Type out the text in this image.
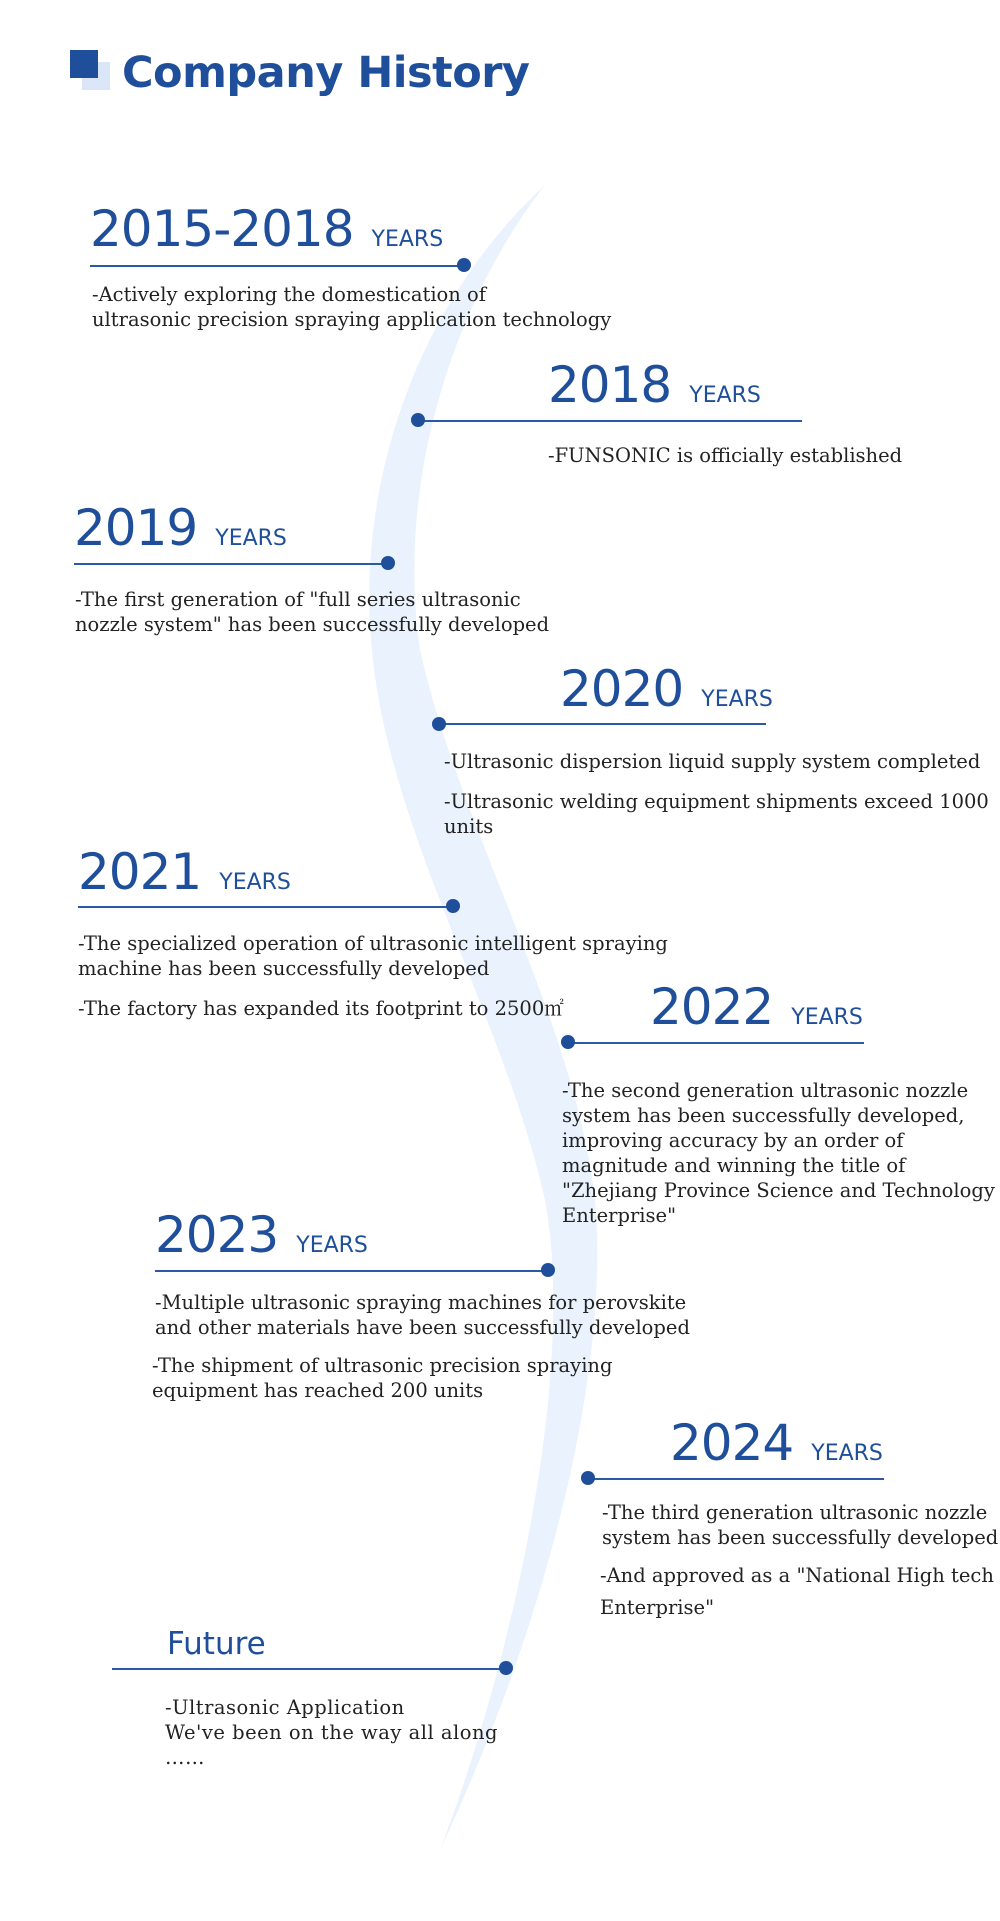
Company History
2015-2018 YEARS
-Actively exploring the domestication of
ultrasonic precision spraying application technology
2018 YEARS
-FUNSONIC is officially established
2019 YEARS
-The first generation of "full series ultrasonic
nozzle system" has been successfully developed
2020 YEARS
-Ultrasonic dispersion liquid supply system completed
-Ultrasonic welding equipment shipments exceed 1000
units
2021 YEARS
-The specialized operation of ultrasonic intelligent spraying
machine has been successfully developed
-The factory has expanded its footprint to 2500㎡ 2022 YEARS
-The second generation ultrasonic nozzle
system has been successfully developed,
improving accuracy by an order of
magnitude and winning the title of
"Zhejiang Province Science and Technology
Enterprise"
2023 YEARS
-Multiple ultrasonic spraying machines for perovskite
and other materials have been successfully developed
-The shipment of ultrasonic precision spraying
equipment has reached 200 units
2024 YEARS
-The third generation ultrasonic nozzle
system has been successfully developed
-And approved as a "National High tech
Enterprise"
Future
-Ultrasonic Application
We've been on the way all along
……
